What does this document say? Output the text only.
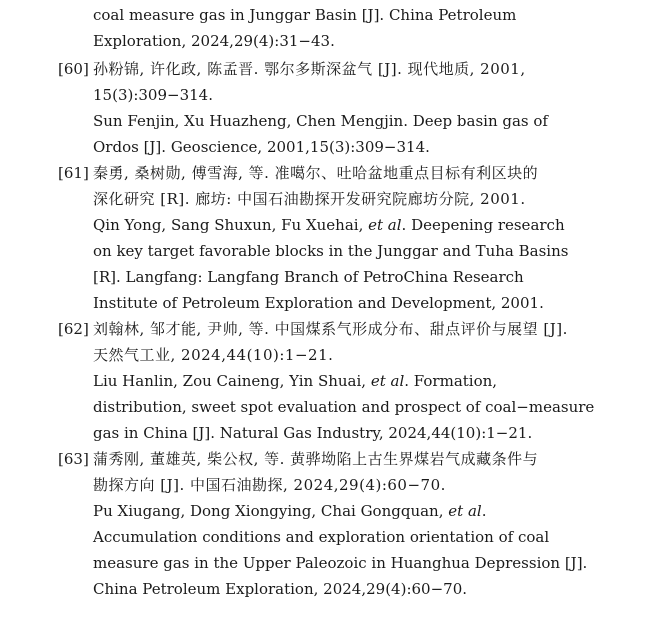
coal measure gas in Junggar Basin [J]. China Petroleum
Exploration, 2024,29(4):31−43.
[60] 孙粉锦, 许化政, 陈孟晋. 鄂尔多斯深盆气 [J]. 现代地质, 2001,
15(3):309−314.
Sun Fenjin, Xu Huazheng, Chen Mengjin. Deep basin gas of
Ordos [J]. Geoscience, 2001,15(3):309−314.
[61] 秦勇, 桑树勋, 傅雪海, 等. 准噶尔、吐哈盆地重点目标有利区块的
深化研究 [R]. 廊坊: 中国石油勘探开发研究院廊坊分院, 2001.
Qin Yong, Sang Shuxun, Fu Xuehai, et al. Deepening research
on key target favorable blocks in the Junggar and Tuha Basins
[R]. Langfang: Langfang Branch of PetroChina Research
Institute of Petroleum Exploration and Development, 2001.
[62] 刘翰林, 邹才能, 尹帅, 等. 中国煤系气形成分布、甜点评价与展望 [J].
天然气工业, 2024,44(10):1−21.
Liu Hanlin, Zou Caineng, Yin Shuai, et al. Formation,
distribution, sweet spot evaluation and prospect of coal−measure
gas in China [J]. Natural Gas Industry, 2024,44(10):1−21.
[63] 蒲秀刚, 董雄英, 柴公权, 等. 黄骅坳陷上古生界煤岩气成藏条件与
勘探方向 [J]. 中国石油勘探, 2024,29(4):60−70.
Pu Xiugang, Dong Xiongying, Chai Gongquan, et al.
Accumulation conditions and exploration orientation of coal
measure gas in the Upper Paleozoic in Huanghua Depression [J].
China Petroleum Exploration, 2024,29(4):60−70.
